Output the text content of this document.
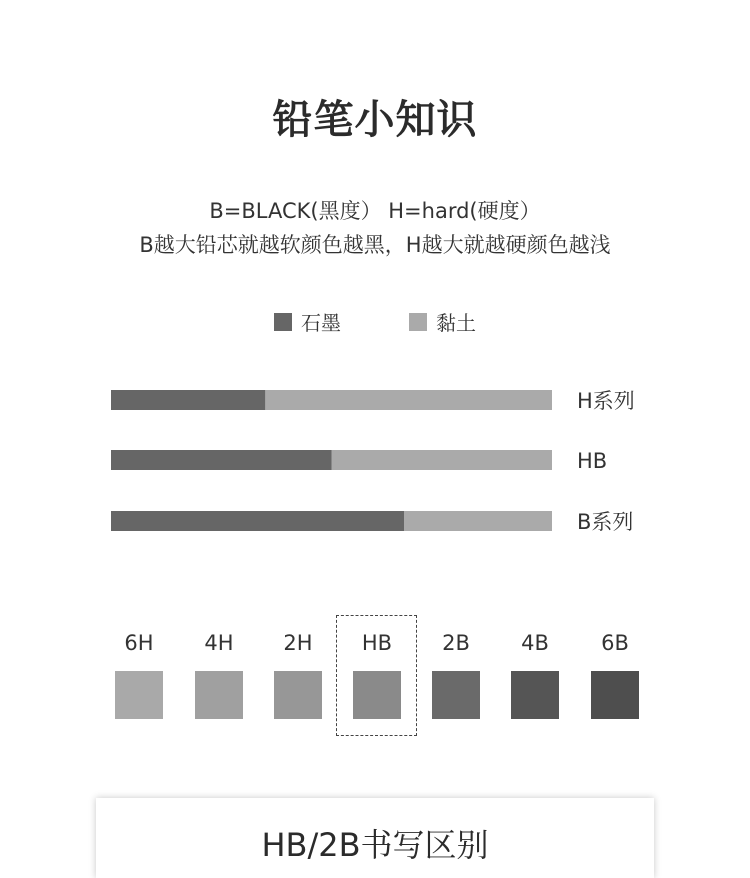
铅笔小知识
B=BLACK(黑度） H=hard(硬度）
B越大铅芯就越软颜色越黑，H越大就越硬颜色越浅
石墨	黏土
H系列
HB
B系列
6H	4H	2H	HB	2B	4B	6B
HB/2B书写区别
